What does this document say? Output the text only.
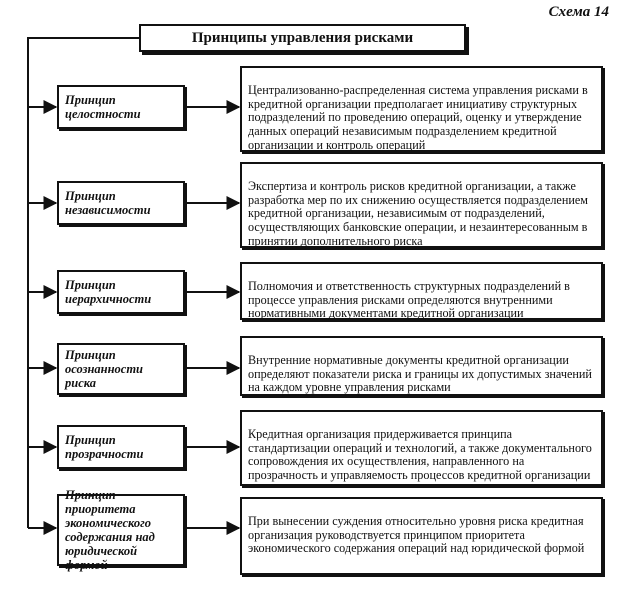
Схема 14
Принципы управления рисками
Принцип
целостности
Принцип
независимости
Принцип
иерархичности
Принцип
осознанности
риска
Принцип
прозрачности
Принцип приоритета экономического содержания над юридической формой

Централизованно-распределенная система управления рисками в кредитной организации предполагает инициативу структурных подразделений по проведению операций, оценку и утверждение данных операций независимым подразделением кредитной организации и контроль операций

Экспертиза и контроль рисков кредитной организации, а также разработка мер по их снижению осуществляется подразделением кредитной организации, независимым от подразделений, осуществляющих банковские операции, и незаинтересованным в принятии дополнительного риска

Полномочия и ответственность структурных подразделений в процессе управления рисками определяются внутренними нормативными документами кредитной организации

Внутренние нормативные документы кредитной организации определяют показатели риска и границы их допустимых значений на каждом уровне управления рисками

Кредитная организация придерживается принципа стандартизации операций и технологий, а также документального сопровождения их осуществления, направленного на прозрачность и управляемость процессов кредитной организации

При вынесении суждения относительно уровня риска кредитная организация руководствуется принципом приоритета экономического содержания операций над юридической формой
